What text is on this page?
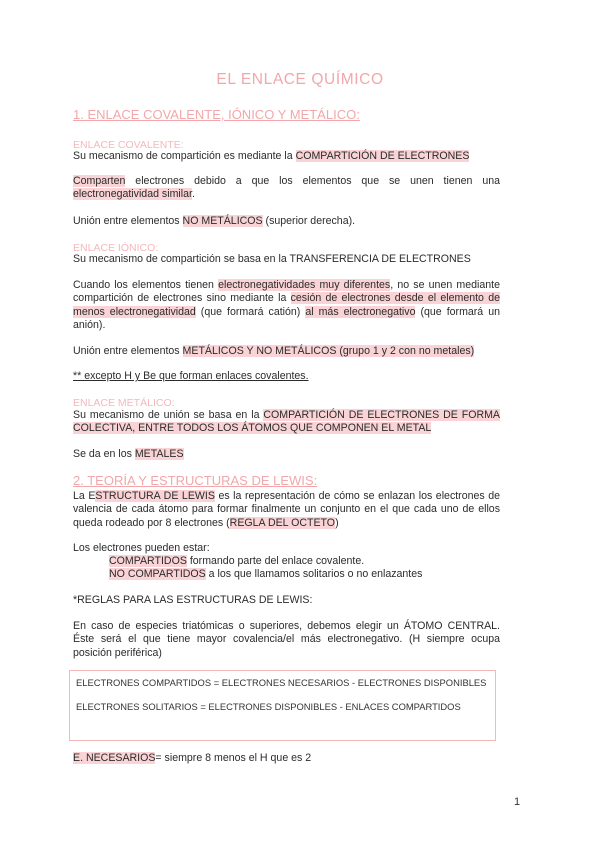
EL ENLACE QUÍMICO
1. ENLACE COVALENTE, IÓNICO Y METÁLICO:
ENLACE COVALENTE:
Su mecanismo de compartición es mediante la COMPARTICIÓN DE ELECTRONES
Comparten electrones debido a que los elementos que se unen tienen una electronegatividad similar.
Unión entre elementos NO METÁLICOS (superior derecha).
ENLACE IÓNICO:
Su mecanismo de compartición se basa en la TRANSFERENCIA DE ELECTRONES
Cuando los elementos tienen electronegatividades muy diferentes, no se unen mediante compartición de electrones sino mediante la cesión de electrones desde el elemento de menos electronegatividad (que formará catión) al más electronegativo (que formará un anión).
Unión entre elementos METÁLICOS Y NO METÁLICOS (grupo 1 y 2 con no metales)
** excepto H y Be que forman enlaces covalentes.
ENLACE METÁLICO:
Su mecanismo de unión se basa en la COMPARTICIÓN DE ELECTRONES DE FORMA COLECTIVA, ENTRE TODOS LOS ÁTOMOS QUE COMPONEN EL METAL
Se da en los METALES
2. TEORÍA Y ESTRUCTURAS DE LEWIS:
La ESTRUCTURA DE LEWIS es la representación de cómo se enlazan los electrones de valencia de cada átomo para formar finalmente un conjunto en el que cada uno de ellos queda rodeado por 8 electrones (REGLA DEL OCTETO)
Los electrones pueden estar:
COMPARTIDOS formando parte del enlace covalente.
NO COMPARTIDOS a los que llamamos solitarios o no enlazantes
*REGLAS PARA LAS ESTRUCTURAS DE LEWIS:
En caso de especies triatómicas o superiores, debemos elegir un ÁTOMO CENTRAL. Éste será el que tiene mayor covalencia/el más electronegativo. (H siempre ocupa posición periférica)
ELECTRONES COMPARTIDOS = ELECTRONES NECESARIOS - ELECTRONES DISPONIBLES
ELECTRONES SOLITARIOS = ELECTRONES DISPONIBLES - ENLACES COMPARTIDOS
E. NECESARIOS= siempre 8 menos el H que es 2
1
